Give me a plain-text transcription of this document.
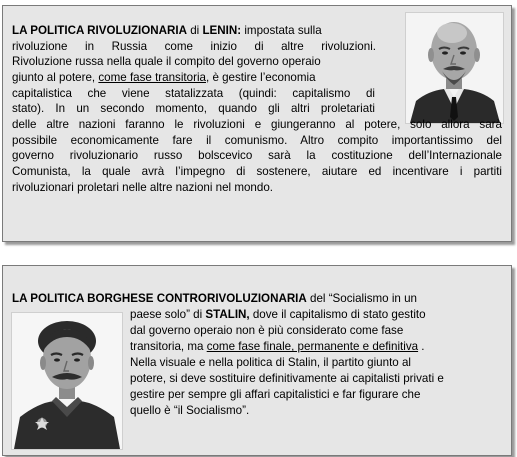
LA POLITICA RIVOLUZIONARIA di LENIN: impostata sulla
rivoluzione in Russia come inizio di altre rivoluzioni.
Rivoluzione russa nella quale il compito del governo operaio
giunto al potere, come fase transitoria, è gestire l’economia
capitalistica che viene statalizzata (quindi: capitalismo di
stato). In un secondo momento, quando gli altri proletariati
delle altre nazioni faranno le rivoluzioni e giungeranno al potere, solo allora sarà
possibile economicamente fare il comunismo. Altro compito importantissimo del
governo rivoluzionario russo bolscevico sarà la costituzione dell’Internazionale
Comunista, la quale avrà l’impegno di sostenere, aiutare ed incentivare i partiti
rivoluzionari proletari nelle altre nazioni nel mondo.
LA POLITICA BORGHESE CONTRORIVOLUZIONARIA del “Socialismo in un
paese solo” di STALIN, dove il capitalismo di stato gestito
dal governo operaio non è più considerato come fase
transitoria, ma come fase finale, permanente e definitiva .
Nella visuale e nella politica di Stalin, il partito giunto al
potere, si deve sostituire definitivamente ai capitalisti privati e
gestire per sempre gli affari capitalistici e far figurare che
quello è “il Socialismo”.
